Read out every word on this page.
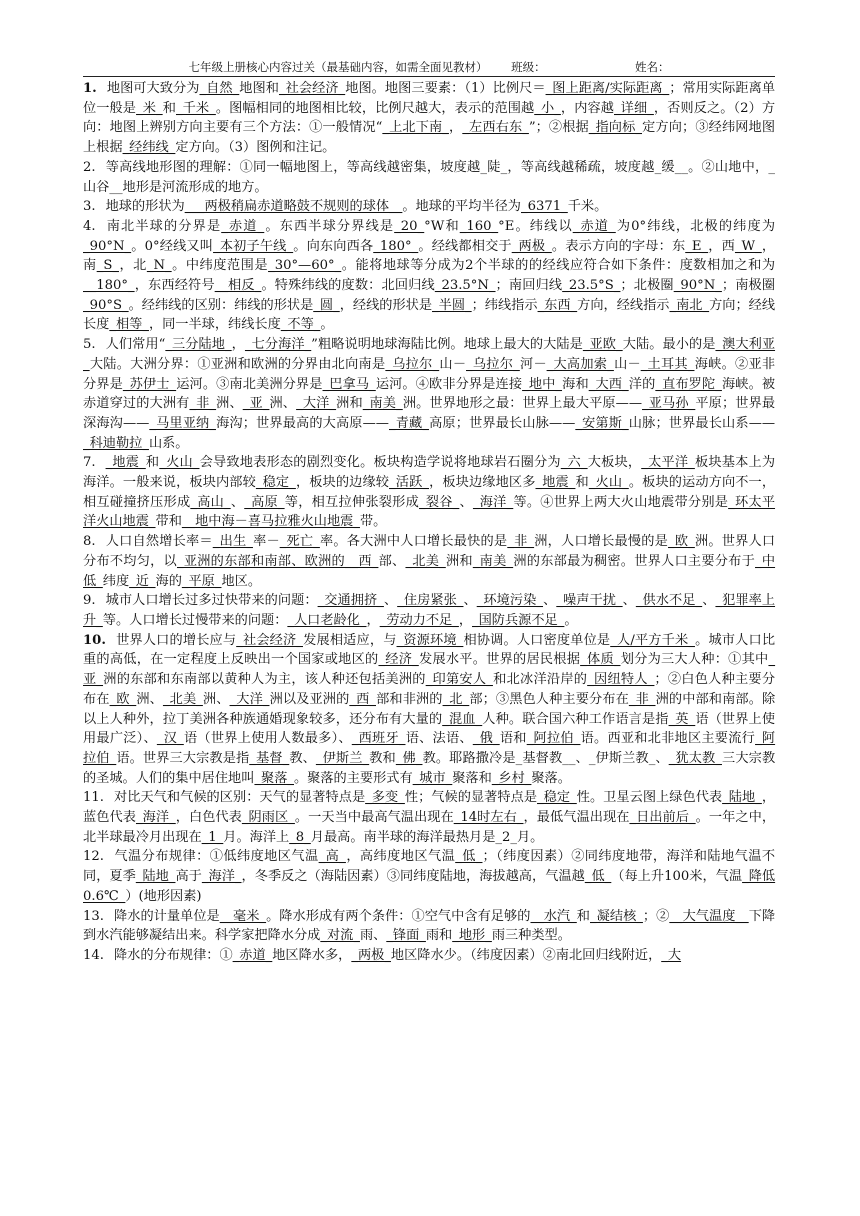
七年级上册核心内容过关（最基础内容，如需全面见教材） 班级：	姓名：

1. 地图可大致分为_自然_地图和_社会经济_地图。地图三要素：（1）比例尺＝_图上距离/实际距离_；常用实际距离单位一般是_米_和_千米_。图幅相同的地图相比较，比例尺越大，表示的范围越_小_，内容越_详细_，否则反之。（2）方向：地图上辨别方向主要有三个方法：①一般情况“_上北下南_，_左西右东_”；②根据_指向标_定方向；③经纬网地图上根据_经纬线_定方向。（3）图例和注记。

2. 等高线地形图的理解：①同一幅地图上，等高线越密集，坡度越_陡_，等高线越稀疏，坡度越_缓__。②山地中，_山谷__地形是河流形成的地方。

3. 地球的形状为___两极稍扁赤道略鼓不规则的球体__。地球的平均半径为_6371_千米。

4. 南北半球的分界是_赤道_。东西半球分界线是_20_°W和_160_°E。纬线以_赤道_为0°纬线，北极的纬度为_90°N_。0°经线又叫_本初子午线_。向东向西各_180°_。经线都相交于_两极_。表示方向的字母：东_E_，西_W_，南_S_，北_N_。中纬度范围是_30°—60°_。能将地球等分成为2个半球的的经线应符合如下条件：度数相加之和为__180°_，东西经符号__相反_。特殊纬线的度数：北回归线_23.5°N_；南回归线_23.5°S_；北极圈_90°N_；南极圈_90°S_。经纬线的区别：纬线的形状是_圆_，经线的形状是_半圆_；纬线指示_东西_方向，经线指示_南北_方向；经线长度_相等_，同一半球，纬线长度_不等_。

5. 人们常用“_三分陆地_，_七分海洋_”粗略说明地球海陆比例。地球上最大的大陆是_亚欧_大陆。最小的是_澳大利亚_大陆。大洲分界：①亚洲和欧洲的分界由北向南是_乌拉尔_山－_乌拉尔_河－_大高加索_山－_土耳其_海峡。②亚非分界是_苏伊士_运河。③南北美洲分界是_巴拿马_运河。④欧非分界是连接_地中_海和_大西_洋的_直布罗陀_海峡。被赤道穿过的大洲有_非_洲、_亚_洲、_大洋_洲和_南美_洲。世界地形之最：世界上最大平原——_亚马孙_平原；世界最深海沟——_马里亚纳_海沟；世界最高的大高原——_青藏_高原；世界最长山脉——_安第斯_山脉；世界最长山系——_科迪勒拉_山系。

7. _地震_和_火山_会导致地表形态的剧烈变化。板块构造学说将地球岩石圈分为_六_大板块，_太平洋_板块基本上为海洋。一般来说，板块内部较_稳定_，板块的边缘较_活跃_，板块边缘地区多_地震_和_火山_。板块的运动方向不一，相互碰撞挤压形成_高山_、_高原_等，相互拉伸张裂形成_裂谷_、_海洋_等。④世界上两大火山地震带分别是_环太平洋火山地震_带和__地中海－喜马拉雅火山地震_带。

8. 人口自然增长率＝_出生_率－_死亡_率。各大洲中人口增长最快的是_非_洲，人口增长最慢的是_欧_洲。世界人口分布不均匀，以_亚洲的东部和南部、欧洲的__西_部、_北美_洲和_南美_洲的东部最为稠密。世界人口主要分布于_中低_纬度_近_海的_平原_地区。

9. 城市人口增长过多过快带来的问题：_交通拥挤_、_住房紧张_、_环境污染_、_噪声干扰_、_供水不足_、_犯罪率上升_等。人口增长过慢带来的问题：_人口老龄化_，_劳动力不足_，_国防兵源不足_。

10. 世界人口的增长应与_社会经济_发展相适应，与_资源环境_相协调。人口密度单位是_人/平方千米_。城市人口比重的高低，在一定程度上反映出一个国家或地区的_经济_发展水平。世界的居民根据_体质_划分为三大人种：①其中_亚_洲的东部和东南部以黄种人为主，该人种还包括美洲的_印第安人_和北冰洋沿岸的_因纽特人_；②白色人种主要分布在_欧_洲、_北美_洲、_大洋_洲以及亚洲的_西_部和非洲的_北_部；③黑色人种主要分布在_非_洲的中部和南部。除以上人种外，拉丁美洲各种族通婚现象较多，还分布有大量的_混血_人种。联合国六种工作语言是指_英_语（世界上使用最广泛）、_汉_语（世界上使用人数最多）、_西班牙_语、法语、_俄_语和_阿拉伯_语。西亚和北非地区主要流行_阿拉伯_语。世界三大宗教是指_基督_教、_伊斯兰_教和_佛_教。耶路撒冷是_基督教__、_伊斯兰教_、_犹太教_三大宗教的圣城。人们的集中居住地叫_聚落_。聚落的主要形式有_城市_聚落和_乡村_聚落。

11. 对比天气和气候的区别：天气的显著特点是_多变_性；气候的显著特点是_稳定_性。卫星云图上绿色代表_陆地_，蓝色代表_海洋_，白色代表_阴雨区_。一天当中最高气温出现在_14时左右_，最低气温出现在_日出前后_。一年之中，北半球最冷月出现在_1_月。海洋上_8_月最高。南半球的海洋最热月是_2_月。

12. 气温分布规律：①低纬度地区气温_高_，高纬度地区气温_低_；（纬度因素）②同纬度地带，海洋和陆地气温不同，夏季_陆地_高于_海洋_，冬季反之（海陆因素）③同纬度陆地，海拔越高，气温越_低_（每上升100米，气温_降低0.6℃_）(地形因素)

13. 降水的计量单位是__毫米_。降水形成有两个条件：①空气中含有足够的__水汽_和_凝结核_；②__大气温度__下降到水汽能够凝结出来。科学家把降水分成_对流_雨、_锋面_雨和_地形_雨三种类型。

14. 降水的分布规律：①_赤道_地区降水多，_两极_地区降水少。（纬度因素）②南北回归线附近，_大
